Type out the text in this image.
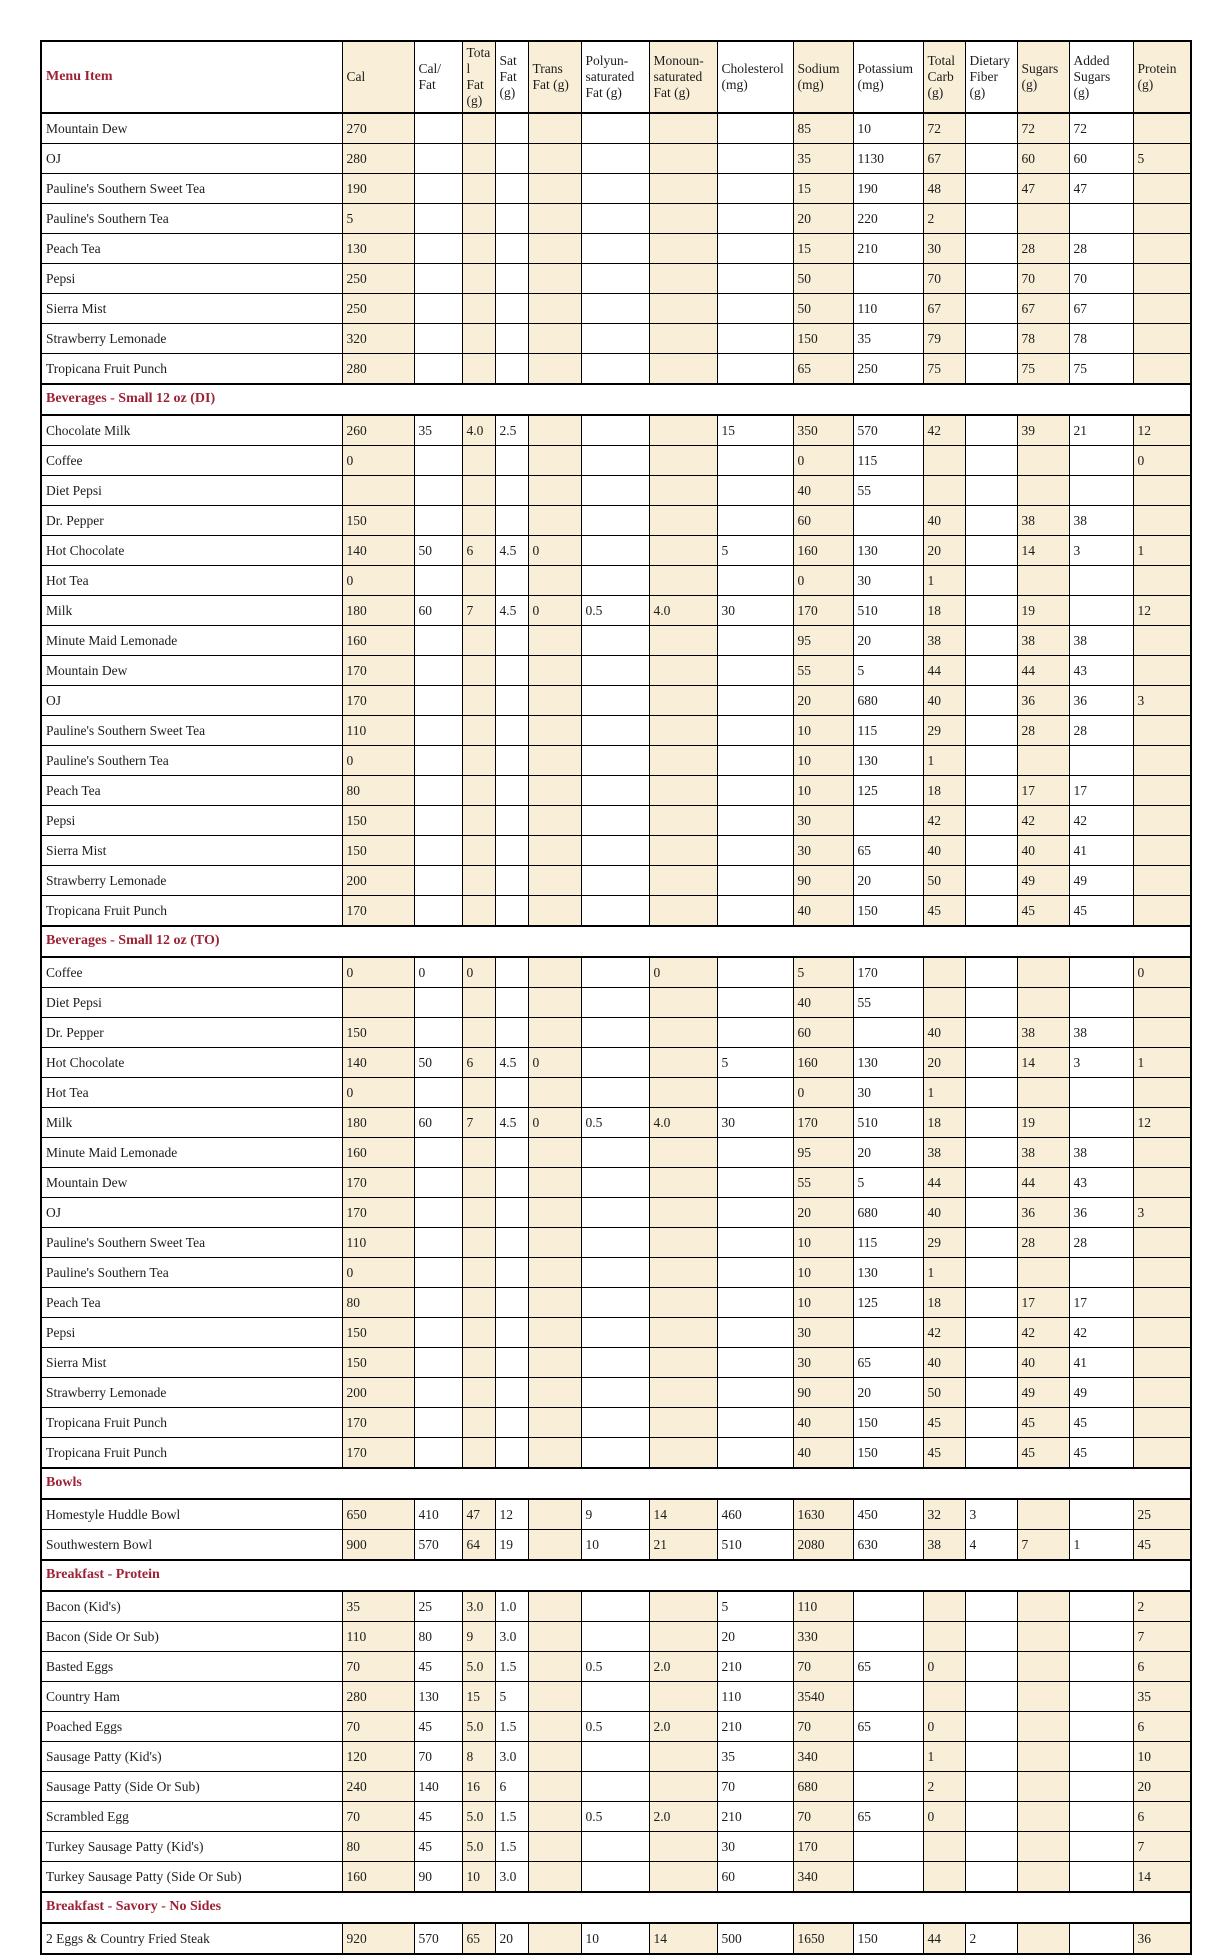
Menu Item	Cal	Cal/ Fat	Total Fat (g)	Sat Fat (g)	Trans Fat (g)	Polyun-saturated Fat (g)	Monoun-saturated Fat (g)	Cholesterol (mg)	Sodium (mg)	Potassium (mg)	Total Carb (g)	Dietary Fiber (g)	Sugars (g)	Added Sugars (g)	Protein (g)
Mountain Dew	270								85	10	72		72	72	
OJ	280								35	1130	67		60	60	5
Pauline's Southern Sweet Tea	190								15	190	48		47	47	
Pauline's Southern Tea	5								20	220	2				
Peach Tea	130								15	210	30		28	28	
Pepsi	250								50		70		70	70	
Sierra Mist	250								50	110	67		67	67	
Strawberry Lemonade	320								150	35	79		78	78	
Tropicana Fruit Punch	280								65	250	75		75	75	
Beverages - Small 12 oz (DI)															
Chocolate Milk	260	35	4.0	2.5				15	350	570	42		39	21	12
Coffee	0								0	115					0
Diet Pepsi									40	55					
Dr. Pepper	150								60		40		38	38	
Hot Chocolate	140	50	6	4.5	0			5	160	130	20		14	3	1
Hot Tea	0								0	30	1				
Milk	180	60	7	4.5	0	0.5	4.0	30	170	510	18		19		12
Minute Maid Lemonade	160								95	20	38		38	38	
Mountain Dew	170								55	5	44		44	43	
OJ	170								20	680	40		36	36	3
Pauline's Southern Sweet Tea	110								10	115	29		28	28	
Pauline's Southern Tea	0								10	130	1				
Peach Tea	80								10	125	18		17	17	
Pepsi	150								30		42		42	42	
Sierra Mist	150								30	65	40		40	41	
Strawberry Lemonade	200								90	20	50		49	49	
Tropicana Fruit Punch	170								40	150	45		45	45	
Beverages - Small 12 oz (TO)															
Coffee	0	0	0				0		5	170					0
Diet Pepsi									40	55					
Dr. Pepper	150								60		40		38	38	
Hot Chocolate	140	50	6	4.5	0			5	160	130	20		14	3	1
Hot Tea	0								0	30	1				
Milk	180	60	7	4.5	0	0.5	4.0	30	170	510	18		19		12
Minute Maid Lemonade	160								95	20	38		38	38	
Mountain Dew	170								55	5	44		44	43	
OJ	170								20	680	40		36	36	3
Pauline's Southern Sweet Tea	110								10	115	29		28	28	
Pauline's Southern Tea	0								10	130	1				
Peach Tea	80								10	125	18		17	17	
Pepsi	150								30		42		42	42	
Sierra Mist	150								30	65	40		40	41	
Strawberry Lemonade	200								90	20	50		49	49	
Tropicana Fruit Punch	170								40	150	45		45	45	
Tropicana Fruit Punch	170								40	150	45		45	45	
Bowls															
Homestyle Huddle Bowl	650	410	47	12		9	14	460	1630	450	32	3			25
Southwestern Bowl	900	570	64	19		10	21	510	2080	630	38	4	7	1	45
Breakfast - Protein															
Bacon (Kid's)	35	25	3.0	1.0				5	110						2
Bacon (Side Or Sub)	110	80	9	3.0				20	330						7
Basted Eggs	70	45	5.0	1.5		0.5	2.0	210	70	65	0				6
Country Ham	280	130	15	5				110	3540						35
Poached Eggs	70	45	5.0	1.5		0.5	2.0	210	70	65	0				6
Sausage Patty (Kid's)	120	70	8	3.0				35	340		1				10
Sausage Patty (Side Or Sub)	240	140	16	6				70	680		2				20
Scrambled Egg	70	45	5.0	1.5		0.5	2.0	210	70	65	0				6
Turkey Sausage Patty (Kid's)	80	45	5.0	1.5				30	170						7
Turkey Sausage Patty (Side Or Sub)	160	90	10	3.0				60	340						14
Breakfast - Savory - No Sides															
2 Eggs & Country Fried Steak	920	570	65	20		10	14	500	1650	150	44	2			36
